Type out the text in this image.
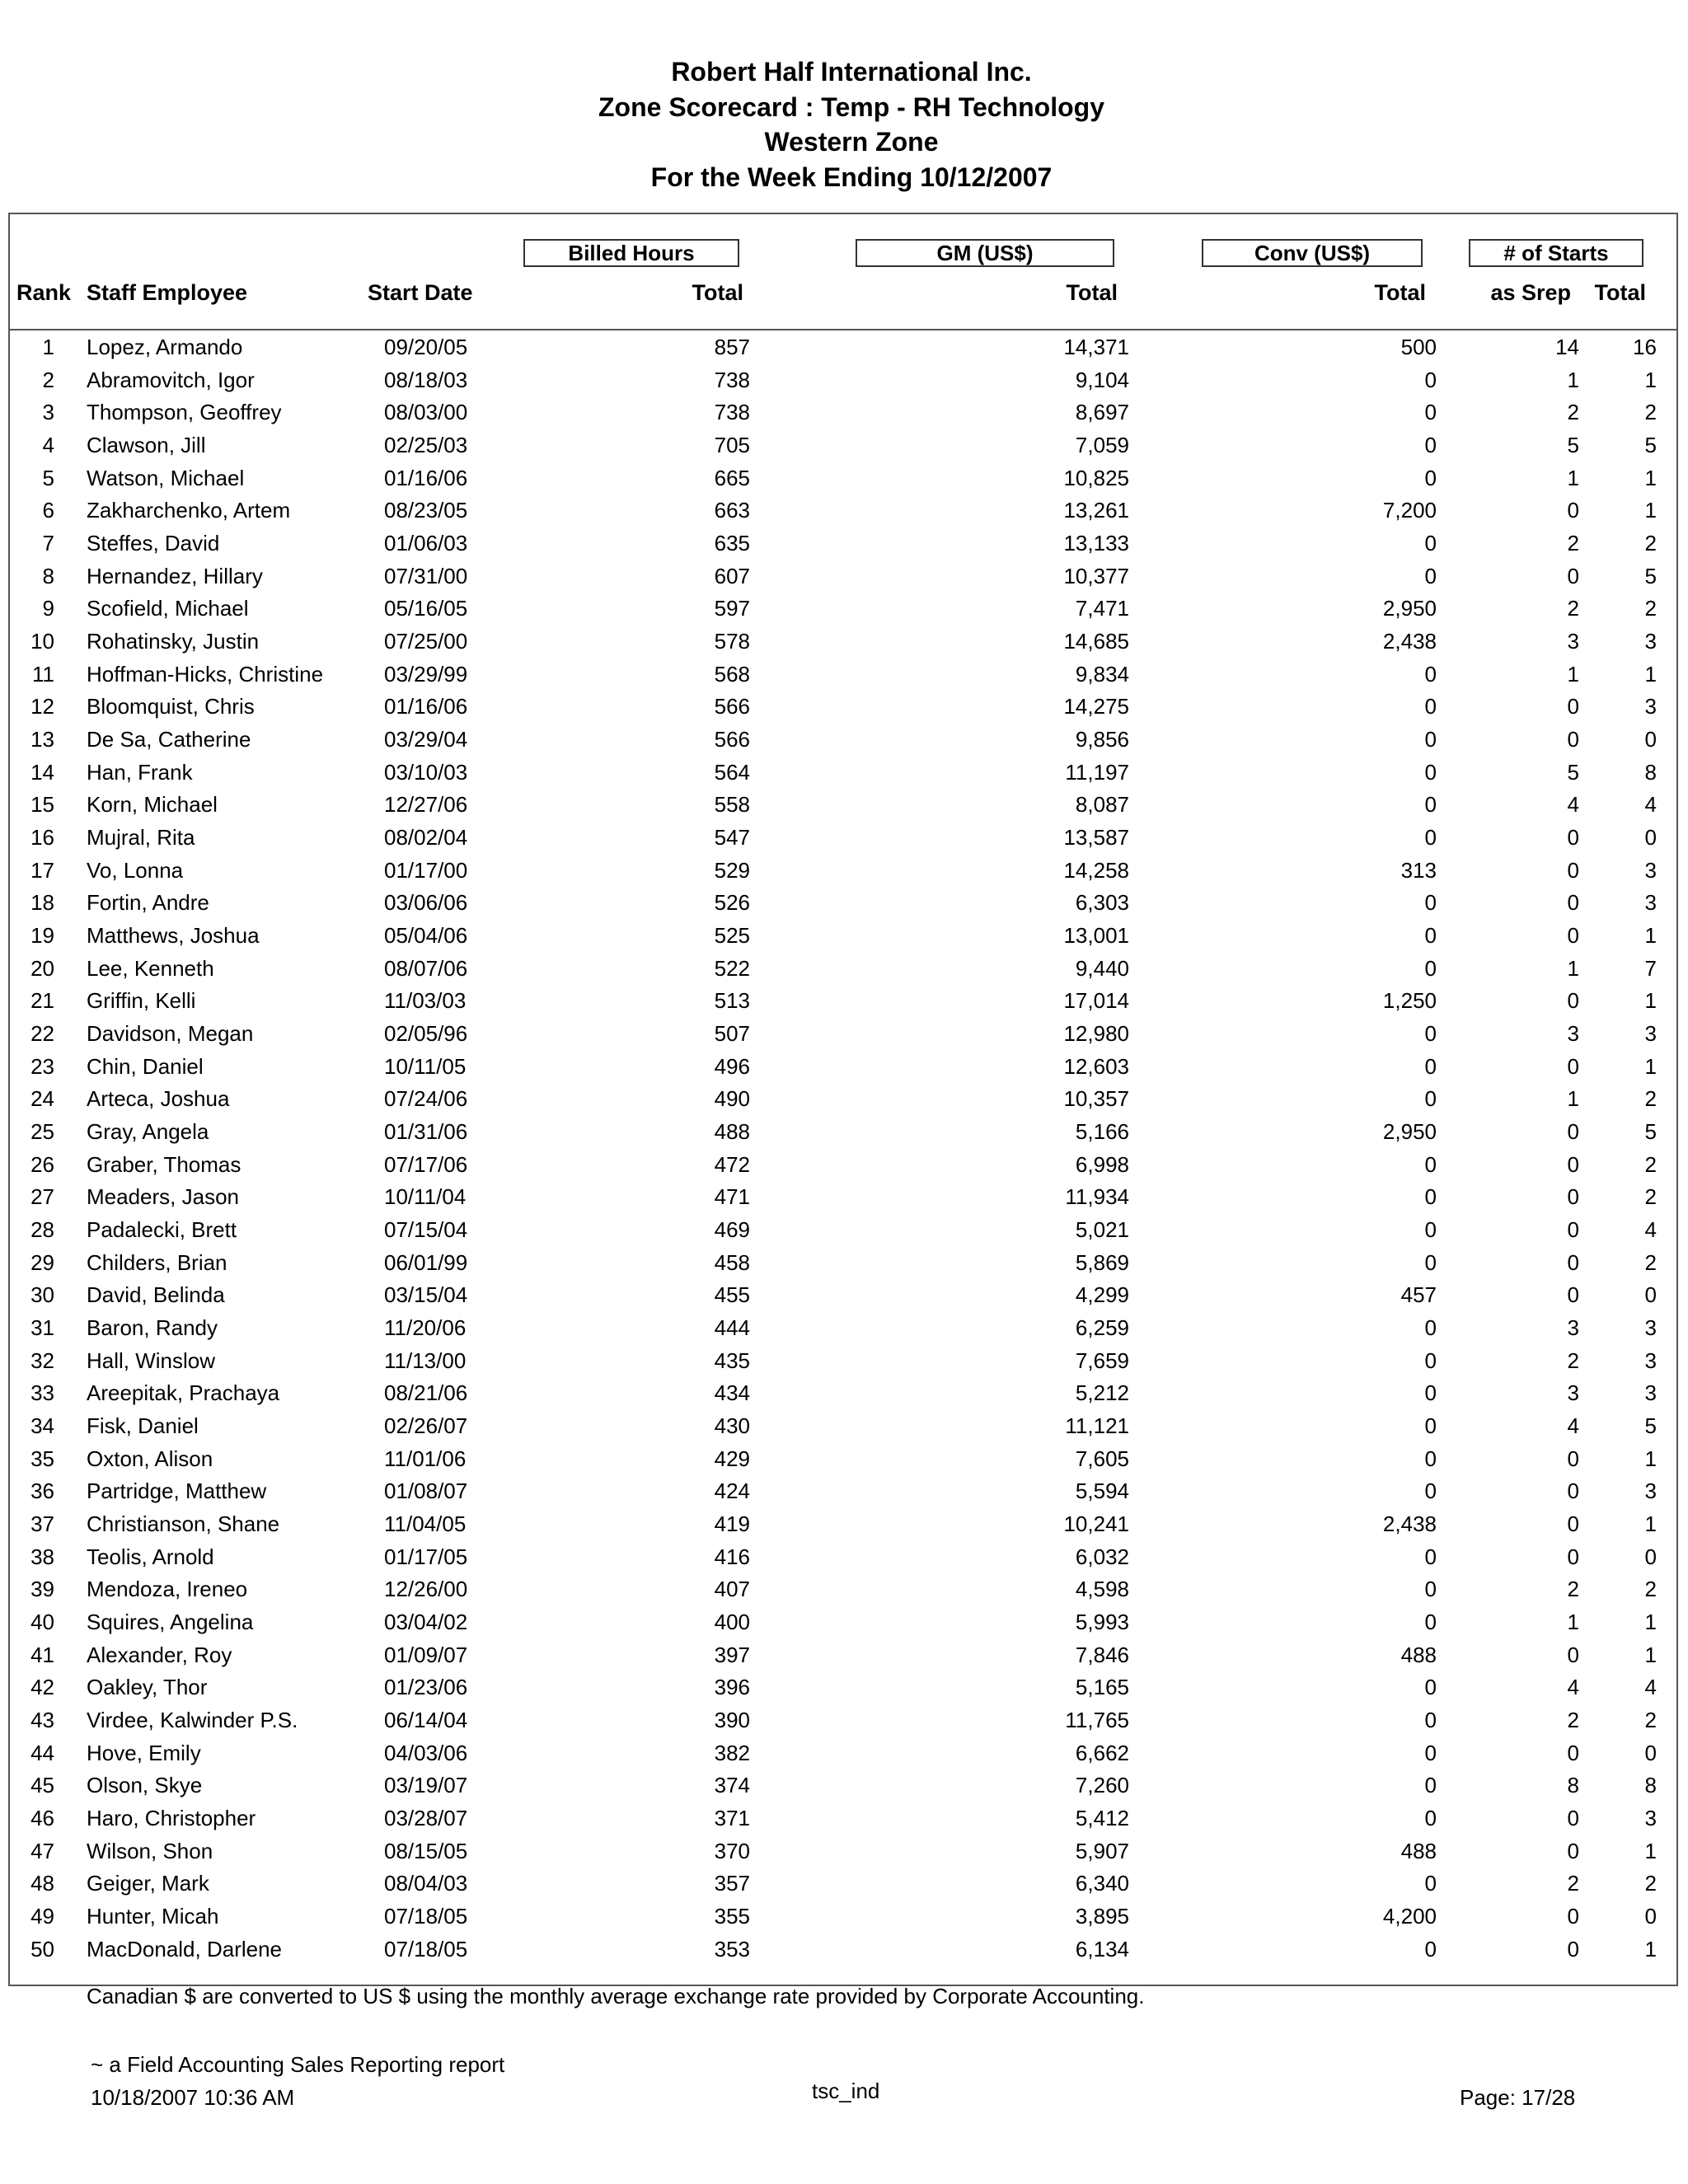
Robert Half International Inc.
Zone Scorecard : Temp - RH Technology
Western Zone
For the Week Ending 10/12/2007
Billed Hours	GM (US$)	Conv (US$)	# of Starts
Rank Staff Employee	Start Date	Total	Total	Total	as Srep	Total
1 Lopez, Armando	09/20/05	857	14,371	500	14	16
2 Abramovitch, Igor	08/18/03	738	9,104	0	1	1
3 Thompson, Geoffrey	08/03/00	738	8,697	0	2	2
4 Clawson, Jill	02/25/03	705	7,059	0	5	5
5 Watson, Michael	01/16/06	665	10,825	0	1	1
6 Zakharchenko, Artem	08/23/05	663	13,261	7,200	0	1
7 Steffes, David	01/06/03	635	13,133	0	2	2
8 Hernandez, Hillary	07/31/00	607	10,377	0	0	5
9 Scofield, Michael	05/16/05	597	7,471	2,950	2	2
10 Rohatinsky, Justin	07/25/00	578	14,685	2,438	3	3
11 Hoffman-Hicks, Christine	03/29/99	568	9,834	0	1	1
12 Bloomquist, Chris	01/16/06	566	14,275	0	0	3
13 De Sa, Catherine	03/29/04	566	9,856	0	0	0
14 Han, Frank	03/10/03	564	11,197	0	5	8
15 Korn, Michael	12/27/06	558	8,087	0	4	4
16 Mujral, Rita	08/02/04	547	13,587	0	0	0
17 Vo, Lonna	01/17/00	529	14,258	313	0	3
18 Fortin, Andre	03/06/06	526	6,303	0	0	3
19 Matthews, Joshua	05/04/06	525	13,001	0	0	1
20 Lee, Kenneth	08/07/06	522	9,440	0	1	7
21 Griffin, Kelli	11/03/03	513	17,014	1,250	0	1
22 Davidson, Megan	02/05/96	507	12,980	0	3	3
23 Chin, Daniel	10/11/05	496	12,603	0	0	1
24 Arteca, Joshua	07/24/06	490	10,357	0	1	2
25 Gray, Angela	01/31/06	488	5,166	2,950	0	5
26 Graber, Thomas	07/17/06	472	6,998	0	0	2
27 Meaders, Jason	10/11/04	471	11,934	0	0	2
28 Padalecki, Brett	07/15/04	469	5,021	0	0	4
29 Childers, Brian	06/01/99	458	5,869	0	0	2
30 David, Belinda	03/15/04	455	4,299	457	0	0
31 Baron, Randy	11/20/06	444	6,259	0	3	3
32 Hall, Winslow	11/13/00	435	7,659	0	2	3
33 Areepitak, Prachaya	08/21/06	434	5,212	0	3	3
34 Fisk, Daniel	02/26/07	430	11,121	0	4	5
35 Oxton, Alison	11/01/06	429	7,605	0	0	1
36 Partridge, Matthew	01/08/07	424	5,594	0	0	3
37 Christianson, Shane	11/04/05	419	10,241	2,438	0	1
38 Teolis, Arnold	01/17/05	416	6,032	0	0	0
39 Mendoza, Ireneo	12/26/00	407	4,598	0	2	2
40 Squires, Angelina	03/04/02	400	5,993	0	1	1
41 Alexander, Roy	01/09/07	397	7,846	488	0	1
42 Oakley, Thor	01/23/06	396	5,165	0	4	4
43 Virdee, Kalwinder P.S.	06/14/04	390	11,765	0	2	2
44 Hove, Emily	04/03/06	382	6,662	0	0	0
45 Olson, Skye	03/19/07	374	7,260	0	8	8
46 Haro, Christopher	03/28/07	371	5,412	0	0	3
47 Wilson, Shon	08/15/05	370	5,907	488	0	1
48 Geiger, Mark	08/04/03	357	6,340	0	2	2
49 Hunter, Micah	07/18/05	355	3,895	4,200	0	0
50 MacDonald, Darlene	07/18/05	353	6,134	0	0	1
Canadian $ are converted to US $ using the monthly average exchange rate provided by Corporate Accounting.
~ a Field Accounting Sales Reporting report
10/18/2007 10:36 AM	tsc_ind	Page: 17/28
